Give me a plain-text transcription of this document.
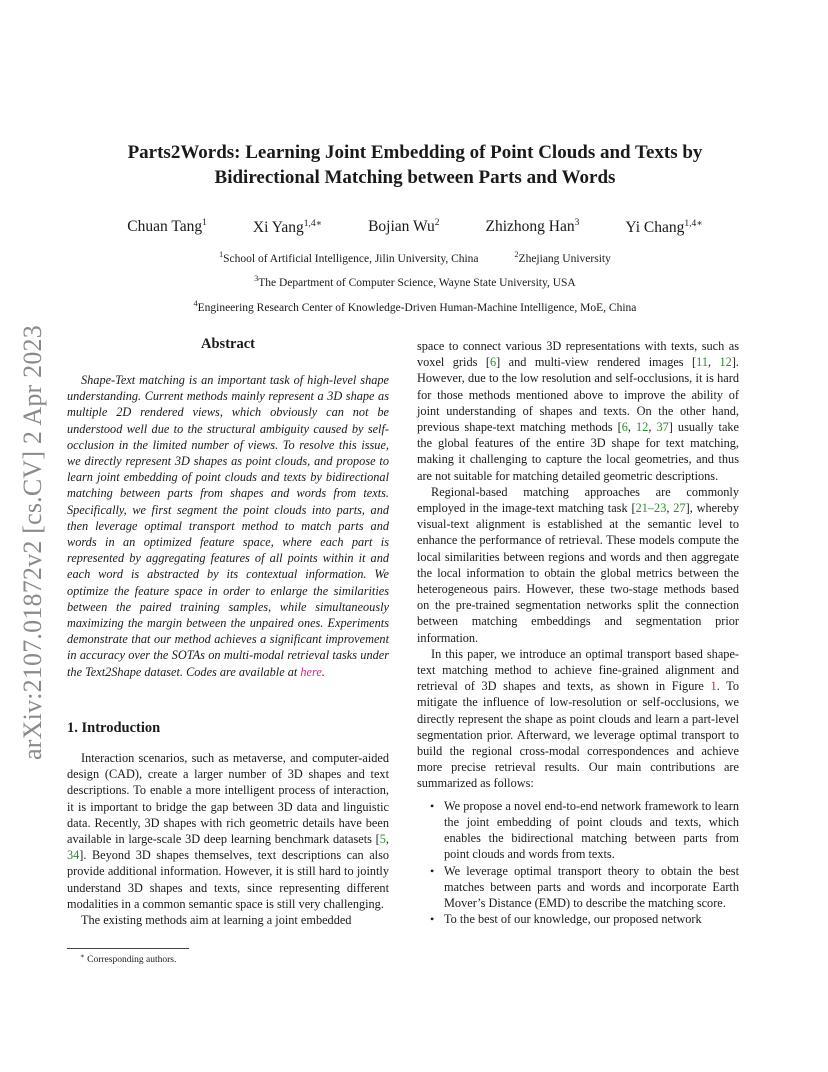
arXiv:2107.01872v2 [cs.CV] 2 Apr 2023
Parts2Words: Learning Joint Embedding of Point Clouds and Texts by
Bidirectional Matching between Parts and Words
Chuan Tang$^1$	Xi Yang$^{1,4∗}$	Bojian Wu$^2$	Zhizhong Han$^3$	Yi Chang$^{1,4∗}$
$^1$School of Artificial Intelligence, Jilin University, China	$^2$Zhejiang University
$^3$The Department of Computer Science, Wayne State University, USA
$^4$Engineering Research Center of Knowledge-Driven Human-Machine Intelligence, MoE, China
Abstract
Shape-Text matching is an important task of high-level shape understanding. Current methods mainly represent a 3D shape as multiple 2D rendered views, which obviously can not be understood well due to the structural ambiguity caused by self-occlusion in the limited number of views. To resolve this issue, we directly represent 3D shapes as point clouds, and propose to learn joint embedding of point clouds and texts by bidirectional matching between parts from shapes and words from texts. Specifically, we first segment the point clouds into parts, and then leverage optimal transport method to match parts and words in an optimized feature space, where each part is represented by aggregating features of all points within it and each word is abstracted by its contextual information. We optimize the feature space in order to enlarge the similarities between the paired training samples, while simultaneously maximizing the margin between the unpaired ones. Experiments demonstrate that our method achieves a significant improvement in accuracy over the SOTAs on multi-modal retrieval tasks under the Text2Shape dataset. Codes are available at here.
1. Introduction

Interaction scenarios, such as metaverse, and computer-aided design (CAD), create a larger number of 3D shapes and text descriptions. To enable a more intelligent process of interaction, it is important to bridge the gap between 3D data and linguistic data. Recently, 3D shapes with rich geometric details have been available in large-scale 3D deep learning benchmark datasets [5, 34]. Beyond 3D shapes themselves, text descriptions can also provide additional information. However, it is still hard to jointly understand 3D shapes and texts, since representing different modalities in a common semantic space is still very challenging.

The existing methods aim at learning a joint embedded

∗ Corresponding authors.

space to connect various 3D representations with texts, such as voxel grids [6] and multi-view rendered images [11, 12]. However, due to the low resolution and self-occlusions, it is hard for those methods mentioned above to improve the ability of joint understanding of shapes and texts. On the other hand, previous shape-text matching methods [6, 12, 37] usually take the global features of the entire 3D shape for text matching, making it challenging to capture the local geometries, and thus are not suitable for matching detailed geometric descriptions.

Regional-based matching approaches are commonly employed in the image-text matching task [21–23, 27], whereby visual-text alignment is established at the semantic level to enhance the performance of retrieval. These models compute the local similarities between regions and words and then aggregate the local information to obtain the global metrics between the heterogeneous pairs. However, these two-stage methods based on the pre-trained segmentation networks split the connection between matching embeddings and segmentation prior information.

In this paper, we introduce an optimal transport based shape-text matching method to achieve fine-grained alignment and retrieval of 3D shapes and texts, as shown in Figure 1. To mitigate the influence of low-resolution or self-occlusions, we directly represent the shape as point clouds and learn a part-level segmentation prior. Afterward, we leverage optimal transport to build the regional cross-modal correspondences and achieve more precise retrieval results. Our main contributions are summarized as follows:

• We propose a novel end-to-end network framework to learn the joint embedding of point clouds and texts, which enables the bidirectional matching between parts from point clouds and words from texts.
• We leverage optimal transport theory to obtain the best matches between parts and words and incorporate Earth Mover’s Distance (EMD) to describe the matching score.
• To the best of our knowledge, our proposed network
